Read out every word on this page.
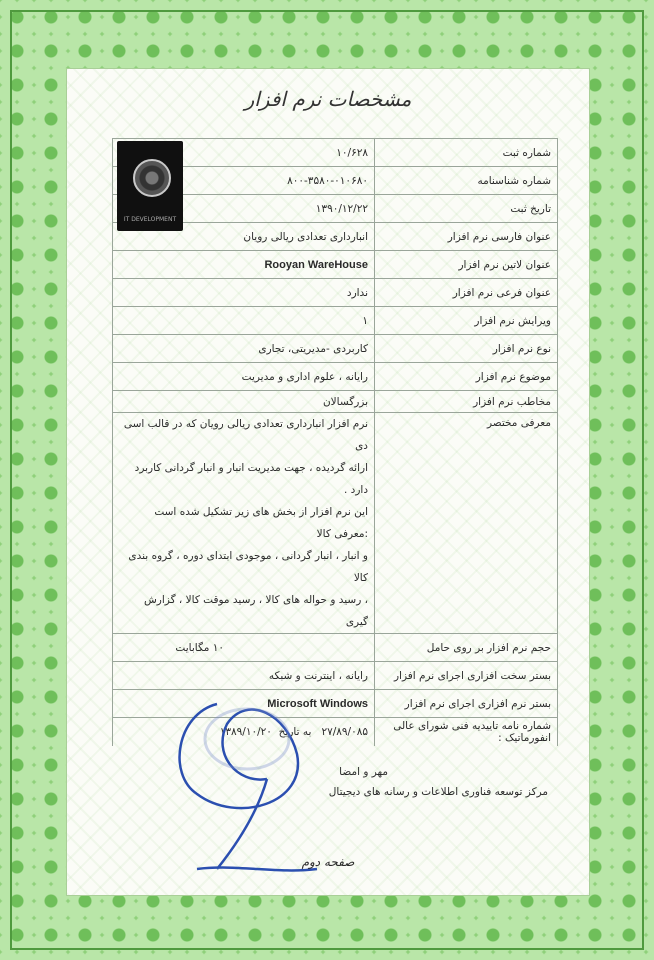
مشخصات نرم افزار
شماره ثبت	۱۰/۶۲۸
شماره شناسنامه	۸۰۰-۳۵۸۰-۰۱۰۶۸۰
تاریخ ثبت	۱۳۹۰/۱۲/۲۲
عنوان فارسی نرم افزار	انبارداری تعدادی ریالی رویان
عنوان لاتین نرم افزار	Rooyan WareHouse
عنوان فرعی نرم افزار	ندارد
ویرایش نرم افزار	۱
نوع نرم افزار	کاربردی -مدیریتی، تجاری
موضوع نرم افزار	رایانه ، علوم اداری و مدیریت
مخاطب نرم افزار	بزرگسالان
معرفی مختصر	نرم افزار انبارداری تعدادی ریالی رویان که در قالب اسی دی
ارائه گردیده ، جهت مدیریت انبار و انبار گردانی کاربرد دارد .
این نرم افزار از بخش های زیر تشکیل شده است :معرفی کالا
و انبار ، انبار گردانی ، موجودی ابتدای دوره ، گروه بندی کالا
، رسید و حواله های کالا ، رسید موقت کالا ، گزارش گیری

حجم نرم افزار بر روی حامل	۱۰ مگابایت
بستر سخت افزاری اجرای نرم افزار	رایانه ، اینترنت و شبکه
بستر نرم افزاری اجرای نرم افزار	Microsoft Windows
شماره نامه تاییدیه فنی شورای عالی انفورماتیک :	۲۷/۸۹/۰۸۵   به تاریخ  ۱۳۸۹/۱۰/۲۰
IT DEVELOPMENT
مهر و امضا
مرکز توسعه فناوری اطلاعات و رسانه های دیجیتال
صفحه دوم
